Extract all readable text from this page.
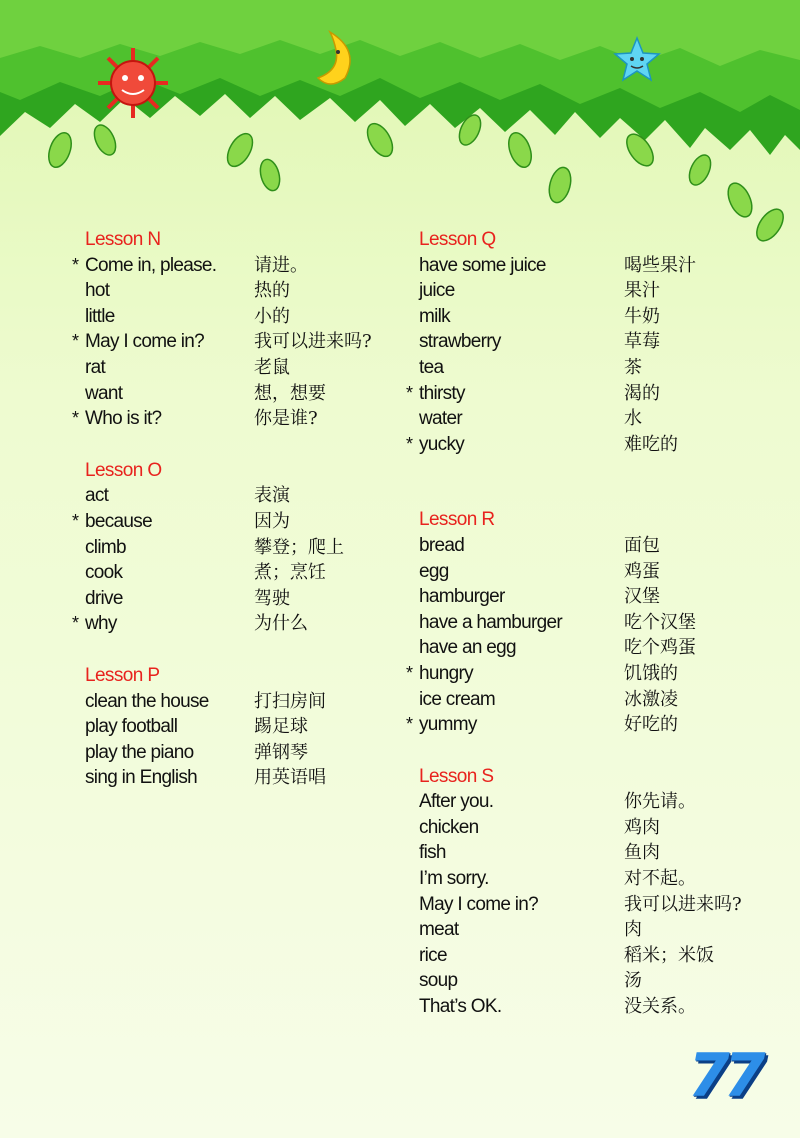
Lesson N
* Come in, please. 请进。
hot	热的
little	小的
* May I come in?	我可以进来吗?
rat	老鼠
want	想，想要
* Who is it?	你是谁?
Lesson O
act	表演
* because	因为
climb	攀登；爬上
cook	煮；烹饪
drive	驾驶
* why	为什么
Lesson P
clean the house	打扫房间
play football	踢足球
play the piano	弹钢琴
sing in English	用英语唱
Lesson Q
have some juice	喝些果汁
juice	果汁
milk	牛奶
strawberry	草莓
tea	茶
* thirsty	渴的
water	水
* yucky	难吃的
Lesson R
bread	面包
egg	鸡蛋
hamburger	汉堡
have a hamburger	吃个汉堡
have an egg	吃个鸡蛋
* hungry	饥饿的
ice cream	冰激凌
* yummy	好吃的
Lesson S
After you.	你先请。
chicken	鸡肉
fish	鱼肉
I’m sorry.	对不起。
May I come in?	我可以进来吗?
meat	肉
rice	稻米；米饭
soup	汤
That’s OK.	没关系。
77
